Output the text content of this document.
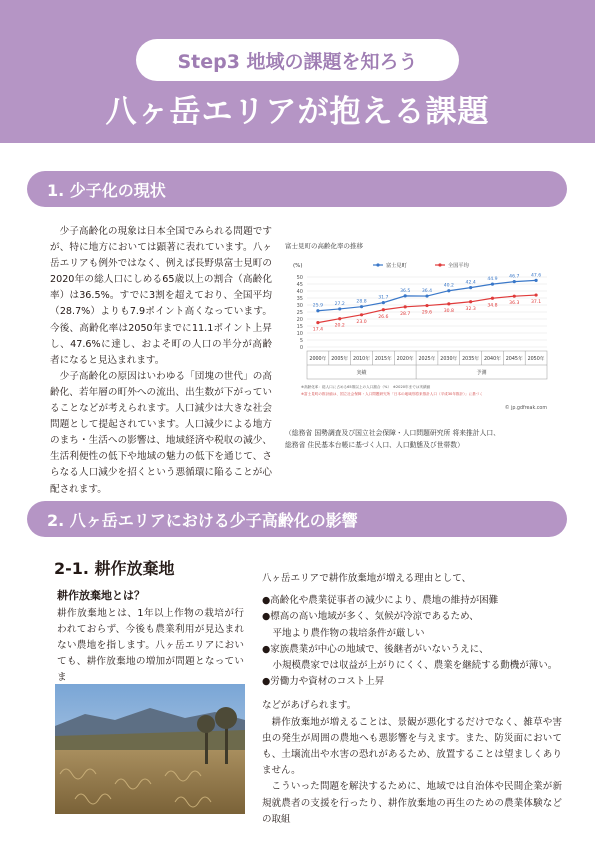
Step3 地域の課題を知ろう
八ヶ岳エリアが抱える課題
1. 少子化の現状

少子高齢化の現象は日本全国でみられる問題ですが、特に地方においては顕著に表れています。八ヶ岳エリアも例外ではなく、例えば長野県富士見町の2020年の総人口にしめる65歳以上の割合（高齢化率）は36.5%。すでに3割を超えており、全国平均（28.7%）よりも7.9ポイント高くなっています。今後、高齢化率は2050年までに11.1ポイント上昇し、47.6%に達し、およそ町の人口の半分が高齢者になると見込まれます。

少子高齢化の原因はいわゆる「団塊の世代」の高齢化、若年層の町外への流出、出生数が下がっていることなどが考えられます。人口減少は大きな社会問題として提起されています。人口減少による地方のまち・生活への影響は、地域経済や税収の減少、生活利便性の低下や地域の魅力の低下を通じて、さらなる人口減少を招くという悪循環に陥ることが心配されます。

富士見町の高齢化率の推移
(%)
0
5
10
15
20
25
30
35
40
45
50
富士見町	全国平均
2000年 2005年 2010年 2015年 2020年 2025年 2030年 2035年 2040年 2045年 2050年
実績	予測
25.9	27.2	28.8
31.7
36.5	36.4
40.2
42.4
44.9
46.7	47.6
17.4
20.2
23.0
26.6
28.7	29.6	30.8	32.3
34.8	36.3	37.1
※高齢化率：総人口に占める65歳以上の人口割合（%）　※2020年までは実績値
※富士見町の推計値は、国立社会保障・人口問題研究所「日本の地域別将来推計人口（平成30年推計）」に基づく
© jp.gdfreak.com
（総務省 国勢調査及び国立社会保障・人口問題研究所 将来推計人口、
総務省 住民基本台帳に基づく人口、人口動態及び世帯数）
2. 八ヶ岳エリアにおける少子高齢化の影響
2-1. 耕作放棄地
耕作放棄地とは？

耕作放棄地とは、1年以上作物の栽培が行われておらず、今後も農業利用が見込まれない農地を指します。八ヶ岳エリアにおいても、耕作放棄地の増加が問題となっていま

八ヶ岳エリアで耕作放棄地が増える理由として、
●高齢化や農業従事者の減少により、農地の維持が困難
●標高の高い地域が多く、気候が冷涼であるため、
平地より農作物の栽培条件が厳しい
●家族農業が中心の地域で、後継者がいないうえに、
小規模農家では収益が上がりにくく、農業を継続する動機が薄い。
●労働力や資材のコスト上昇
などがあげられます。

耕作放棄地が増えることは、景観が悪化するだけでなく、雑草や害虫の発生が周囲の農地へも悪影響を与えます。また、防災面においても、土壌流出や水害の恐れがあるため、放置することは望ましくありません。

こういった問題を解決するために、地域では自治体や民間企業が新規就農者の支援を行ったり、耕作放棄地の再生のための農業体験などの取組
